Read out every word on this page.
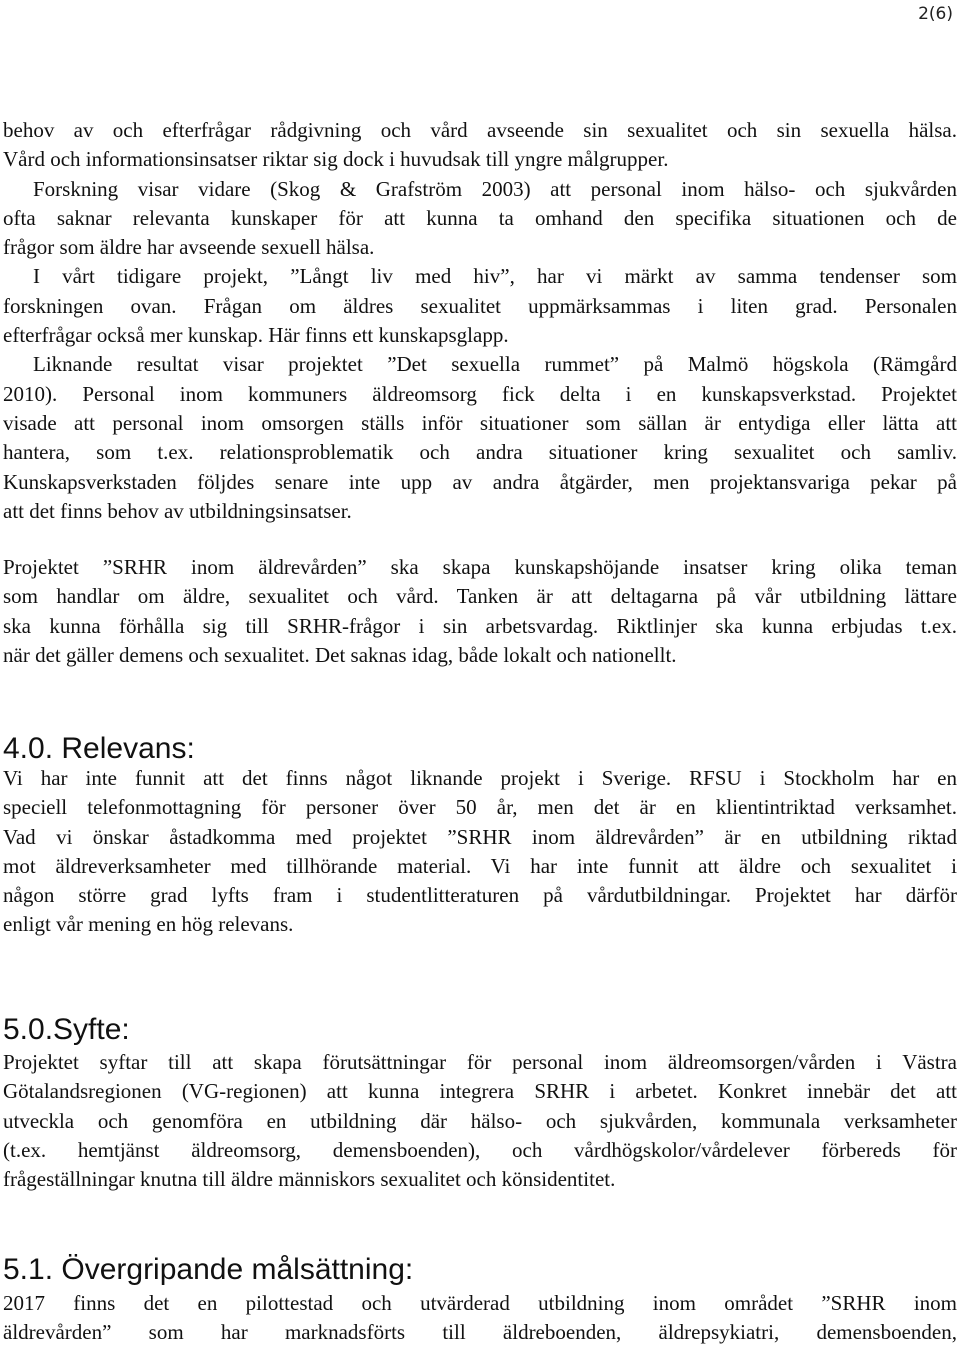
2(6)
behov av och efterfrågar rådgivning och vård avseende sin sexualitet och sin sexuella hälsa.
Vård och informationsinsatser riktar sig dock i huvudsak till yngre målgrupper.
Forskning visar vidare (Skog & Grafström 2003) att personal inom hälso- och sjukvården
ofta saknar relevanta kunskaper för att kunna ta omhand den specifika situationen och de
frågor som äldre har avseende sexuell hälsa.
I vårt tidigare projekt, ”Långt liv med hiv”, har vi märkt av samma tendenser som
forskningen ovan. Frågan om äldres sexualitet uppmärksammas i liten grad. Personalen
efterfrågar också mer kunskap. Här finns ett kunskapsglapp.
Liknande resultat visar projektet ”Det sexuella rummet” på Malmö högskola (Rämgård
2010). Personal inom kommuners äldreomsorg fick delta i en kunskapsverkstad. Projektet
visade att personal inom omsorgen ställs inför situationer som sällan är entydiga eller lätta att
hantera, som t.ex. relationsproblematik och andra situationer kring sexualitet och samliv.
Kunskapsverkstaden följdes senare inte upp av andra åtgärder, men projektansvariga pekar på
att det finns behov av utbildningsinsatser.
Projektet ”SRHR inom äldrevården” ska skapa kunskapshöjande insatser kring olika teman
som handlar om äldre, sexualitet och vård. Tanken är att deltagarna på vår utbildning lättare
ska kunna förhålla sig till SRHR-frågor i sin arbetsvardag. Riktlinjer ska kunna erbjudas t.ex.
när det gäller demens och sexualitet. Det saknas idag, både lokalt och nationellt.
4.0. Relevans:
Vi har inte funnit att det finns något liknande projekt i Sverige. RFSU i Stockholm har en
speciell telefonmottagning för personer över 50 år, men det är en klientintriktad verksamhet.
Vad vi önskar åstadkomma med projektet ”SRHR inom äldrevården” är en utbildning riktad
mot äldreverksamheter med tillhörande material. Vi har inte funnit att äldre och sexualitet i
någon större grad lyfts fram i studentlitteraturen på vårdutbildningar. Projektet har därför
enligt vår mening en hög relevans.
5.0.Syfte:
Projektet syftar till att skapa förutsättningar för personal inom äldreomsorgen/vården i Västra
Götalandsregionen (VG-regionen) att kunna integrera SRHR i arbetet. Konkret innebär det att
utveckla och genomföra en utbildning där hälso- och sjukvården, kommunala verksamheter
(t.ex. hemtjänst äldreomsorg, demensboenden), och vårdhögskolor/vårdelever förbereds för
frågeställningar knutna till äldre människors sexualitet och könsidentitet.
5.1. Övergripande målsättning:
2017 finns det en pilottestad och utvärderad utbildning inom området ”SRHR inom
äldrevården” som har marknadsförts till äldreboenden, äldrepsykiatri, demensboenden,
